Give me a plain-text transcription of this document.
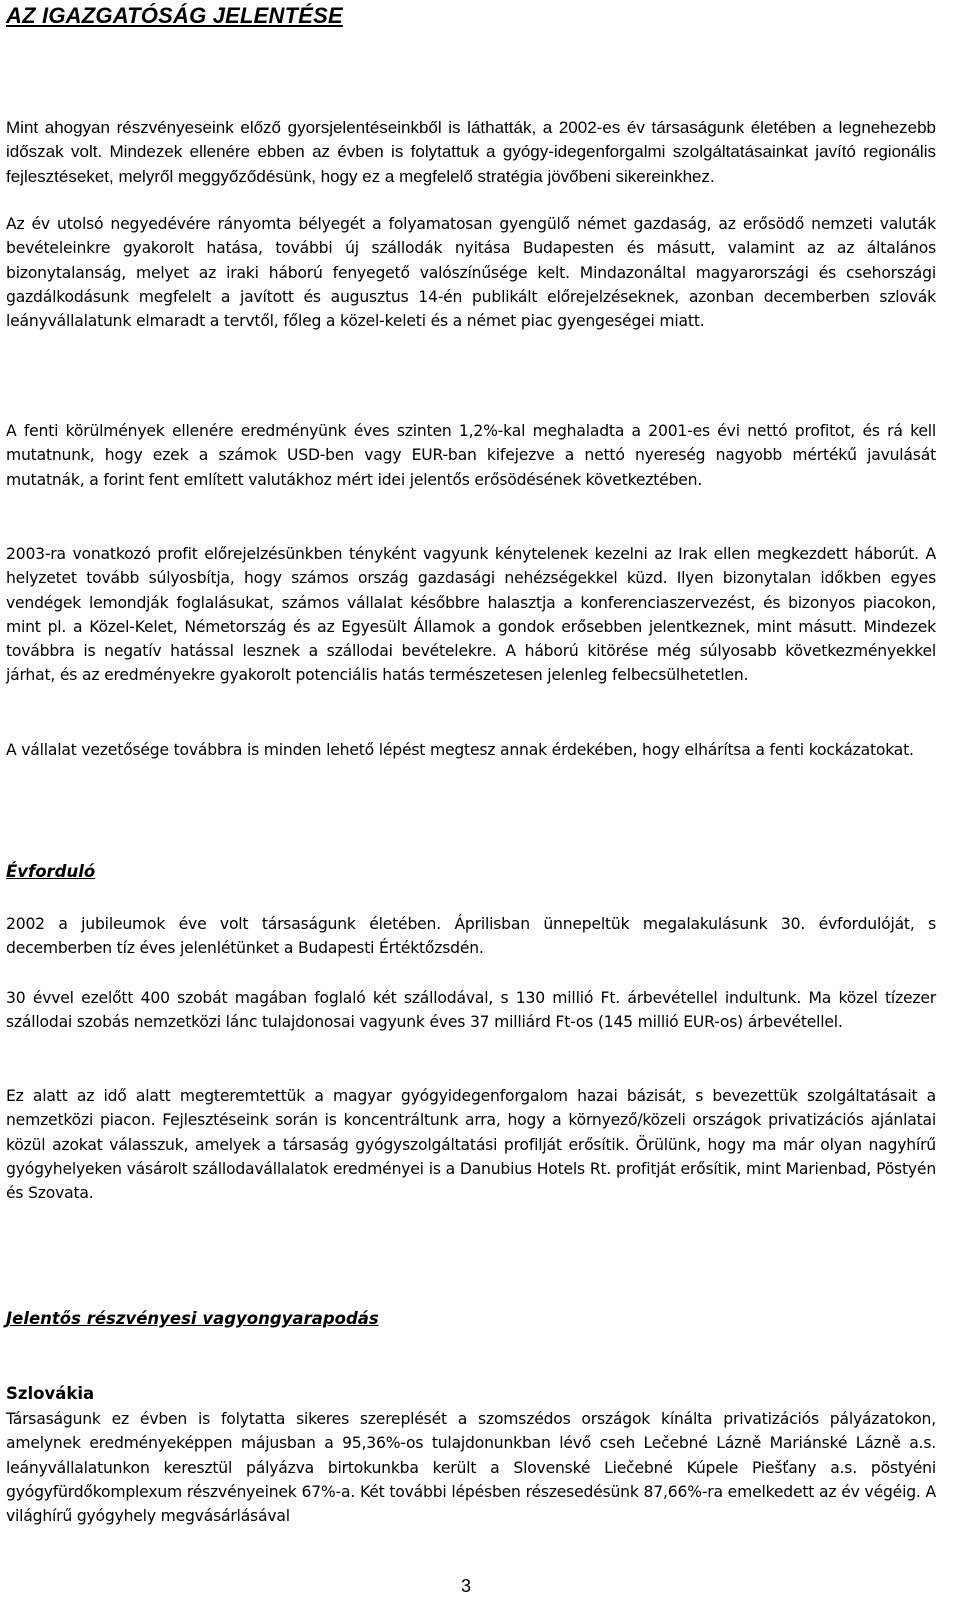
AZ IGAZGATÓSÁG JELENTÉSE

Mint ahogyan részvényeseink előző gyorsjelentéseinkből is láthatták, a 2002-es év társaságunk életében a legnehezebb időszak volt. Mindezek ellenére ebben az évben is folytattuk a gyógy-idegenforgalmi szolgáltatásainkat javító regionális fejlesztéseket, melyről meggyőződésünk, hogy ez a megfelelő stratégia jövőbeni sikereinkhez.

Az év utolsó negyedévére rányomta bélyegét a folyamatosan gyengülő német gazdaság, az erősödő nemzeti valuták bevételeinkre gyakorolt hatása, további új szállodák nyitása Budapesten és másutt, valamint az az általános bizonytalanság, melyet az iraki háború fenyegető valószínűsége kelt. Mindazonáltal magyarországi és csehországi gazdálkodásunk megfelelt a javított és augusztus 14-én publikált előrejelzéseknek, azonban decemberben szlovák leányvállalatunk elmaradt a tervtől, főleg a közel-keleti és a német piac gyengeségei miatt.

A fenti körülmények ellenére eredményünk éves szinten 1,2%-kal meghaladta a 2001-es évi nettó profitot, és rá kell mutatnunk, hogy ezek a számok USD-ben vagy EUR-ban kifejezve a nettó nyereség nagyobb mértékű javulását mutatnák, a forint fent említett valutákhoz mért idei jelentős erősödésének következtében.

2003-ra vonatkozó profit előrejelzésünkben tényként vagyunk kénytelenek kezelni az Irak ellen megkezdett háborút. A helyzetet tovább súlyosbítja, hogy számos ország gazdasági nehézségekkel küzd. Ilyen bizonytalan időkben egyes vendégek lemondják foglalásukat, számos vállalat későbbre halasztja a konferenciaszervezést, és bizonyos piacokon, mint pl. a Közel-Kelet, Németország és az Egyesült Államok a gondok erősebben jelentkeznek, mint másutt. Mindezek továbbra is negatív hatással lesznek a szállodai bevételekre. A háború kitörése még súlyosabb következményekkel járhat, és az eredményekre gyakorolt potenciális hatás természetesen jelenleg felbecsülhetetlen.

A vállalat vezetősége továbbra is minden lehető lépést megtesz annak érdekében, hogy elhárítsa a fenti kockázatokat.

Évforduló

2002 a jubileumok éve volt társaságunk életében. Áprilisban ünnepeltük megalakulásunk 30. évfordulóját, s decemberben tíz éves jelenlétünket a Budapesti Értéktőzsdén.

30 évvel ezelőtt 400 szobát magában foglaló két szállodával, s 130 millió Ft. árbevétellel indultunk. Ma közel tízezer szállodai szobás nemzetközi lánc tulajdonosai vagyunk éves 37 milliárd Ft-os (145 millió EUR-os) árbevétellel.

Ez alatt az idő alatt megteremtettük a magyar gyógyidegenforgalom hazai bázisát, s bevezettük szolgáltatásait a nemzetközi piacon. Fejlesztéseink során is koncentráltunk arra, hogy a környező/közeli országok privatizációs ajánlatai közül azokat válasszuk, amelyek a társaság gyógyszolgáltatási profilját erősítik. Örülünk, hogy ma már olyan nagyhírű gyógyhelyeken vásárolt szállodavállalatok eredményei is a Danubius Hotels Rt. profitját erősítik, mint Marienbad, Pöstyén és Szovata.

Jelentős részvényesi vagyongyarapodás
Szlovákia

Társaságunk ez évben is folytatta sikeres szereplését a szomszédos országok kínálta privatizációs pályázatokon, amelynek eredményeképpen májusban a 95,36%-os tulajdonunkban lévő cseh Lečebné Lázně Mariánské Lázně a.s. leányvállalatunkon keresztül pályázva birtokunkba került a Slovenské Liečebné Kúpele Piešťany a.s. pöstyéni gyógyfürdőkomplexum részvényeinek 67%-a. Két további lépésben részesedésünk 87,66%-ra emelkedett az év végéig. A világhírű gyógyhely megvásárlásával

3
